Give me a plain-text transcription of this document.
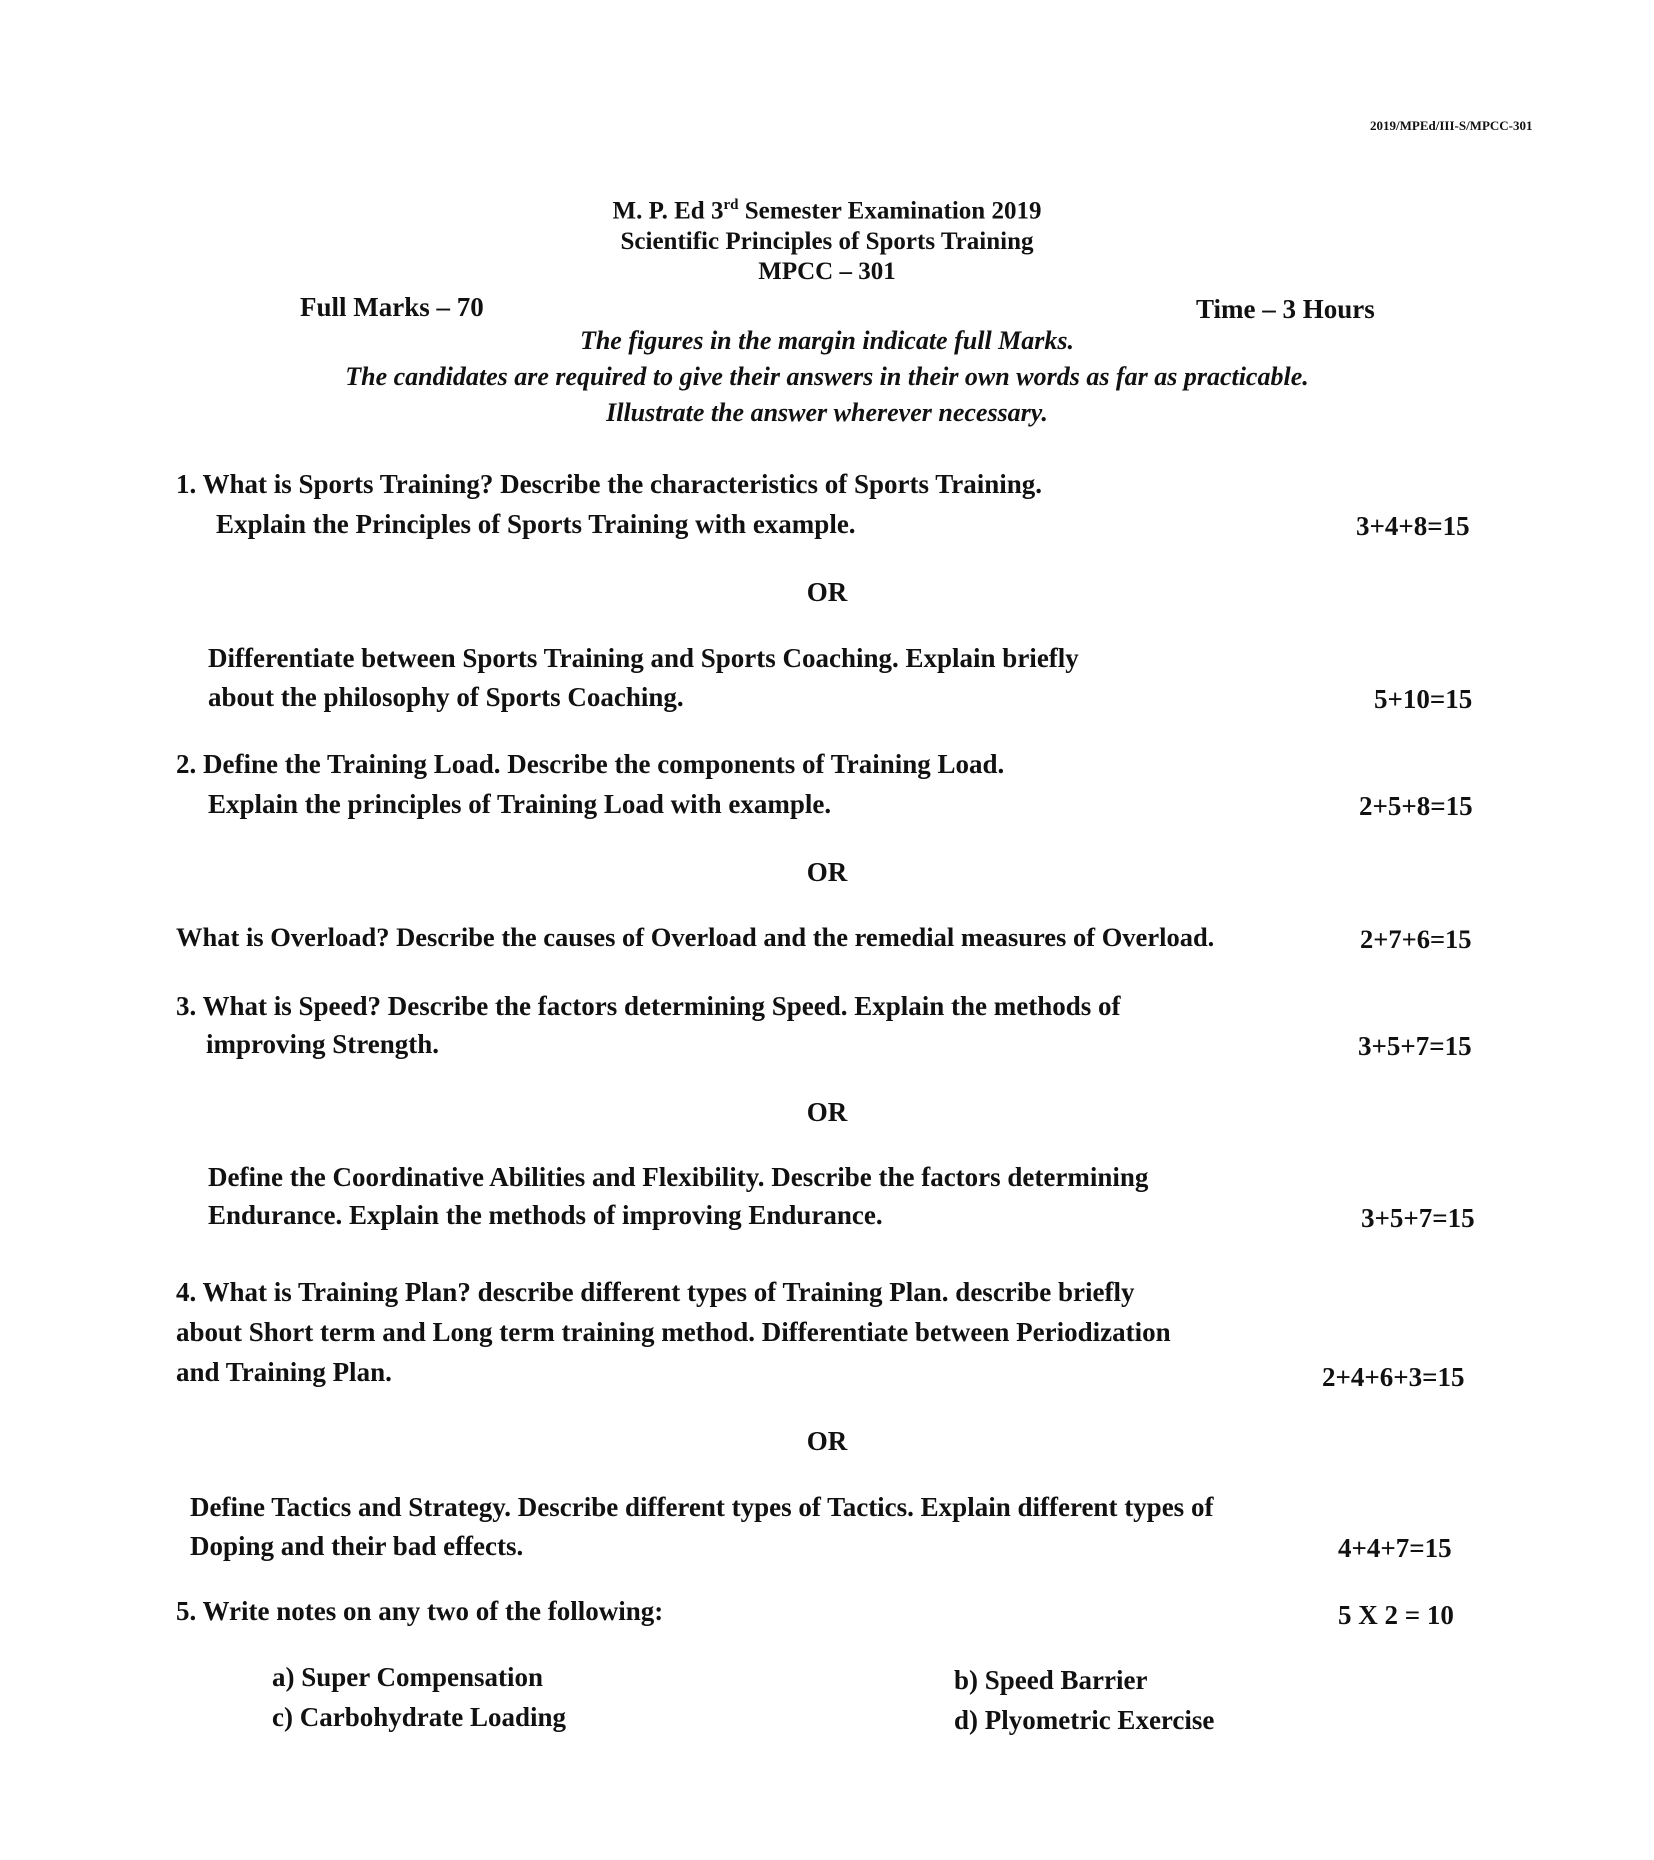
2019/MPEd/III-S/MPCC-301
M. P. Ed 3rd Semester Examination 2019
Scientific Principles of Sports Training
MPCC – 301
Full Marks – 70	Time – 3 Hours
The figures in the margin indicate full Marks.
The candidates are required to give their answers in their own words as far as practicable.
Illustrate the answer wherever necessary.
1. What is Sports Training? Describe the characteristics of Sports Training.
Explain the Principles of Sports Training with example.	3+4+8=15
OR
Differentiate between Sports Training and Sports Coaching. Explain briefly
about the philosophy of Sports Coaching.	5+10=15
2. Define the Training Load. Describe the components of Training Load.
Explain the principles of Training Load with example.	2+5+8=15
OR
What is Overload? Describe the causes of Overload and the remedial measures of Overload.	2+7+6=15
3. What is Speed? Describe the factors determining Speed. Explain the methods of
improving Strength.	3+5+7=15
OR
Define the Coordinative Abilities and Flexibility. Describe the factors determining
Endurance. Explain the methods of improving Endurance.	3+5+7=15
4. What is Training Plan? describe different types of Training Plan. describe briefly
about Short term and Long term training method. Differentiate between Periodization
and Training Plan.	2+4+6+3=15
OR
Define Tactics and Strategy. Describe different types of Tactics. Explain different types of
Doping and their bad effects.	4+4+7=15
5. Write notes on any two of the following:	5 X 2 = 10
a) Super Compensation	b) Speed Barrier
c) Carbohydrate Loading	d) Plyometric Exercise
